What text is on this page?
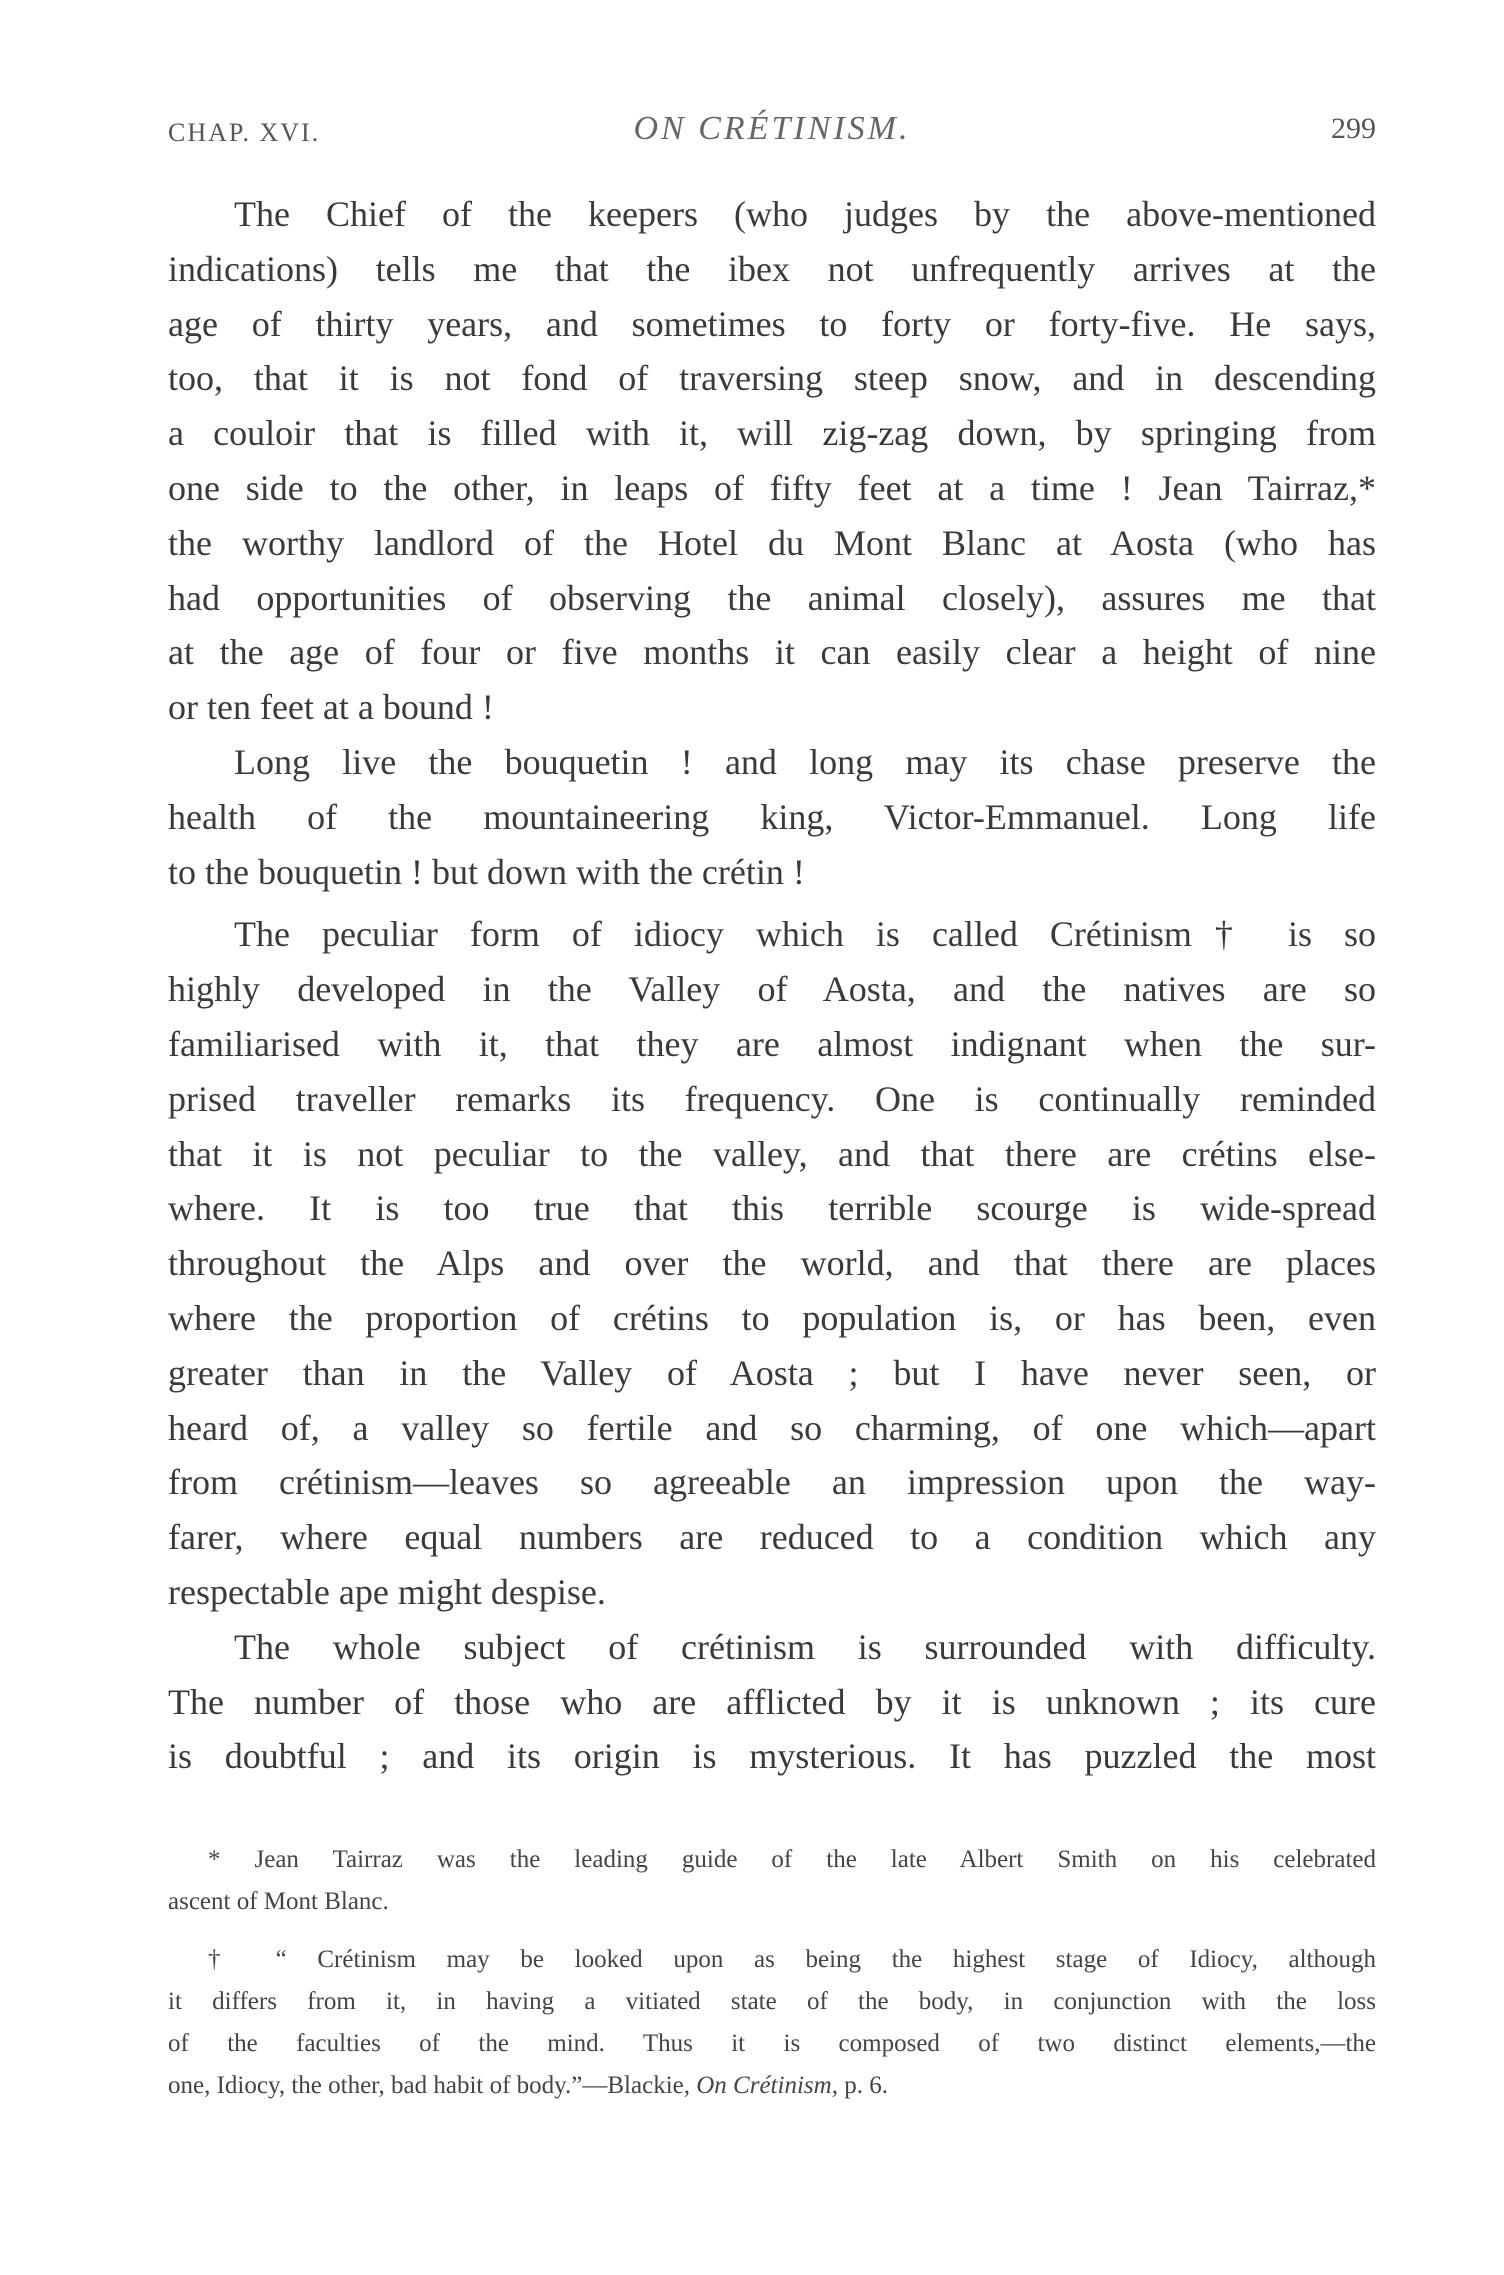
CHAP. XVI.	ON CRÉTINISM.	299
The Chief of the keepers (who judges by the above-mentioned
indications) tells me that the ibex not unfrequently arrives at the
age of thirty years, and sometimes to forty or forty-five. He says,
too, that it is not fond of traversing steep snow, and in descending
a couloir that is filled with it, will zig-zag down, by springing from
one side to the other, in leaps of fifty feet at a time ! Jean Tairraz,*
the worthy landlord of the Hotel du Mont Blanc at Aosta (who has
had opportunities of observing the animal closely), assures me that
at the age of four or five months it can easily clear a height of nine
or ten feet at a bound !
Long live the bouquetin ! and long may its chase preserve the
health of the mountaineering king, Victor-Emmanuel. Long life
to the bouquetin ! but down with the crétin !
The peculiar form of idiocy which is called Crétinism† is so
highly developed in the Valley of Aosta, and the natives are so
familiarised with it, that they are almost indignant when the sur-
prised traveller remarks its frequency. One is continually reminded
that it is not peculiar to the valley, and that there are crétins else-
where. It is too true that this terrible scourge is wide-spread
throughout the Alps and over the world, and that there are places
where the proportion of crétins to population is, or has been, even
greater than in the Valley of Aosta ; but I have never seen, or
heard of, a valley so fertile and so charming, of one which—apart
from crétinism—leaves so agreeable an impression upon the way-
farer, where equal numbers are reduced to a condition which any
respectable ape might despise.
The whole subject of crétinism is surrounded with difficulty.
The number of those who are afflicted by it is unknown ; its cure
is doubtful ; and its origin is mysterious. It has puzzled the most
* Jean Tairraz was the leading guide of the late Albert Smith on his celebrated
ascent of Mont Blanc.
† “ Crétinism may be looked upon as being the highest stage of Idiocy, although
it differs from it, in having a vitiated state of the body, in conjunction with the loss
of the faculties of the mind. Thus it is composed of two distinct elements,—the
one, Idiocy, the other, bad habit of body.”—Blackie, On Crétinism, p. 6.
